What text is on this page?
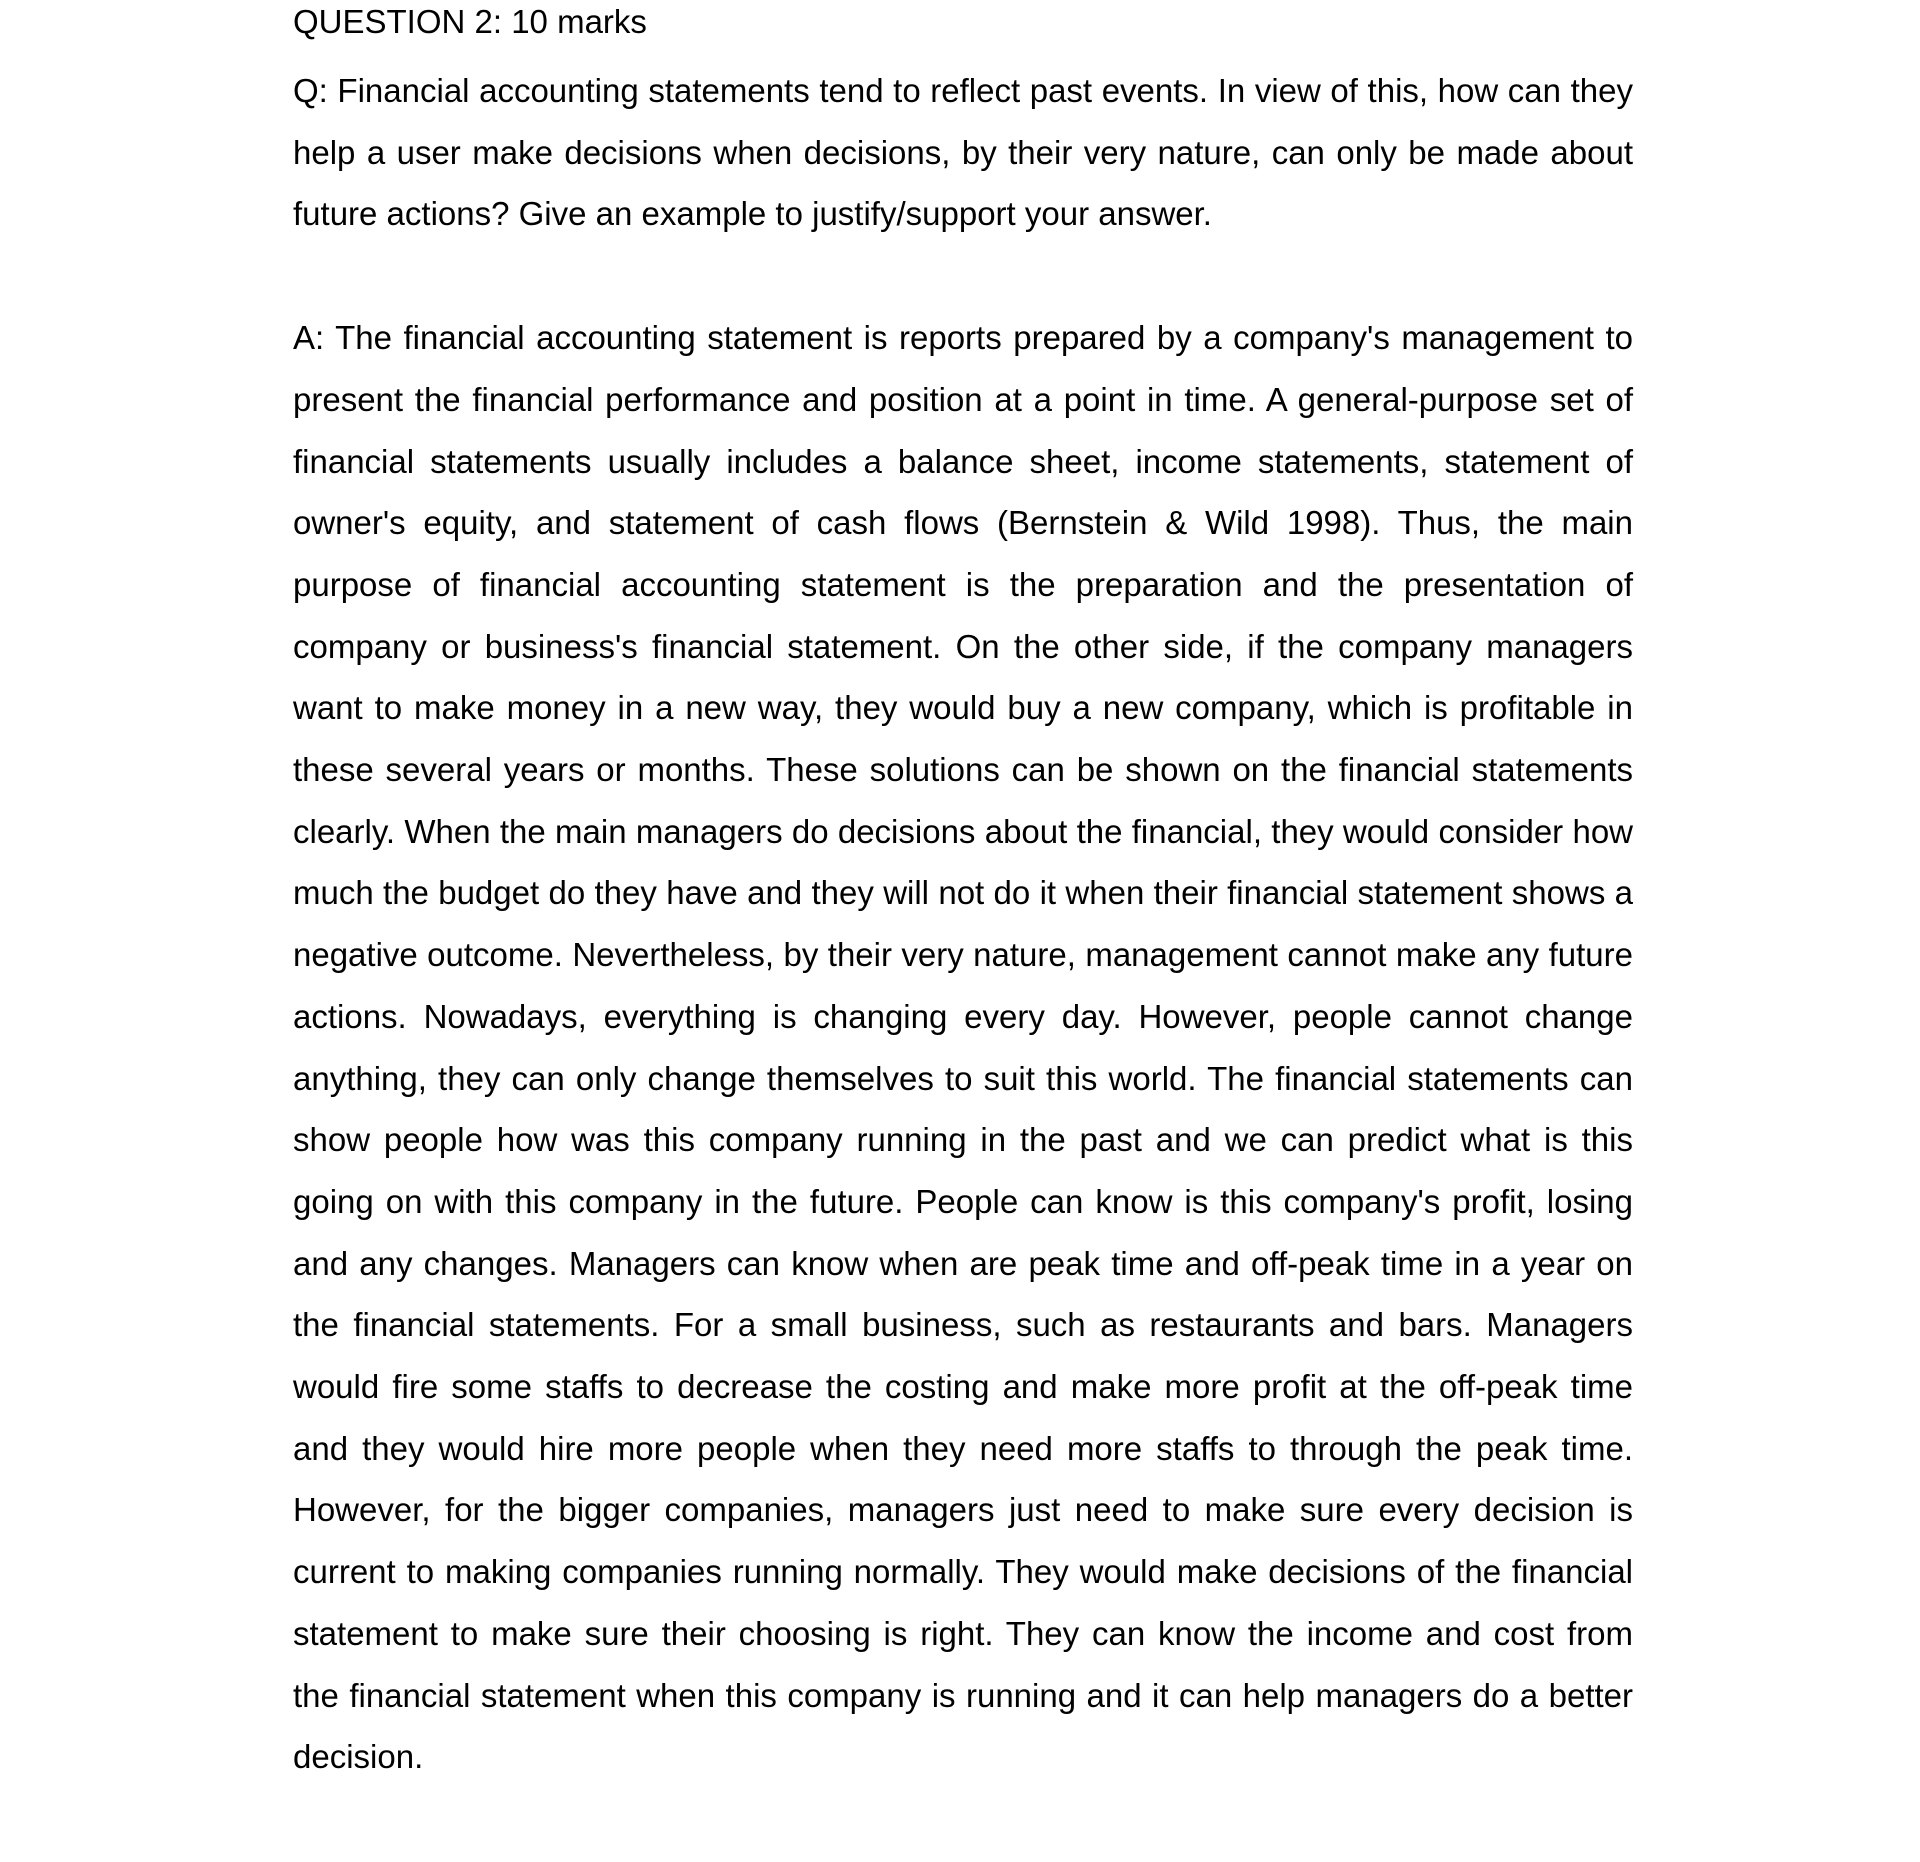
QUESTION 2: 10 marks

Q: Financial accounting statements tend to reflect past events. In view of this, how can they help a user make decisions when decisions, by their very nature, can only be made about future actions? Give an example to justify/support your answer.

A: The financial accounting statement is reports prepared by a company's management to present the financial performance and position at a point in time. A general-purpose set of financial statements usually includes a balance sheet, income statements, statement of owner's equity, and statement of cash flows (Bernstein & Wild 1998). Thus, the main purpose of financial accounting statement is the preparation and the presentation of company or business's financial statement. On the other side, if the company managers want to make money in a new way, they would buy a new company, which is profitable in these several years or months. These solutions can be shown on the financial statements clearly. When the main managers do decisions about the financial, they would consider how much the budget do they have and they will not do it when their financial statement shows a negative outcome. Nevertheless, by their very nature, management cannot make any future actions. Nowadays, everything is changing every day. However, people cannot change anything, they can only change themselves to suit this world. The financial statements can show people how was this company running in the past and we can predict what is this going on with this company in the future. People can know is this company's profit, losing and any changes. Managers can know when are peak time and off-peak time in a year on the financial statements. For a small business, such as restaurants and bars. Managers would fire some staffs to decrease the costing and make more profit at the off-peak time and they would hire more people when they need more staffs to through the peak time. However, for the bigger companies, managers just need to make sure every decision is current to making companies running normally. They would make decisions of the financial statement to make sure their choosing is right. They can know the income and cost from the financial statement when this company is running and it can help managers do a better

decision.
